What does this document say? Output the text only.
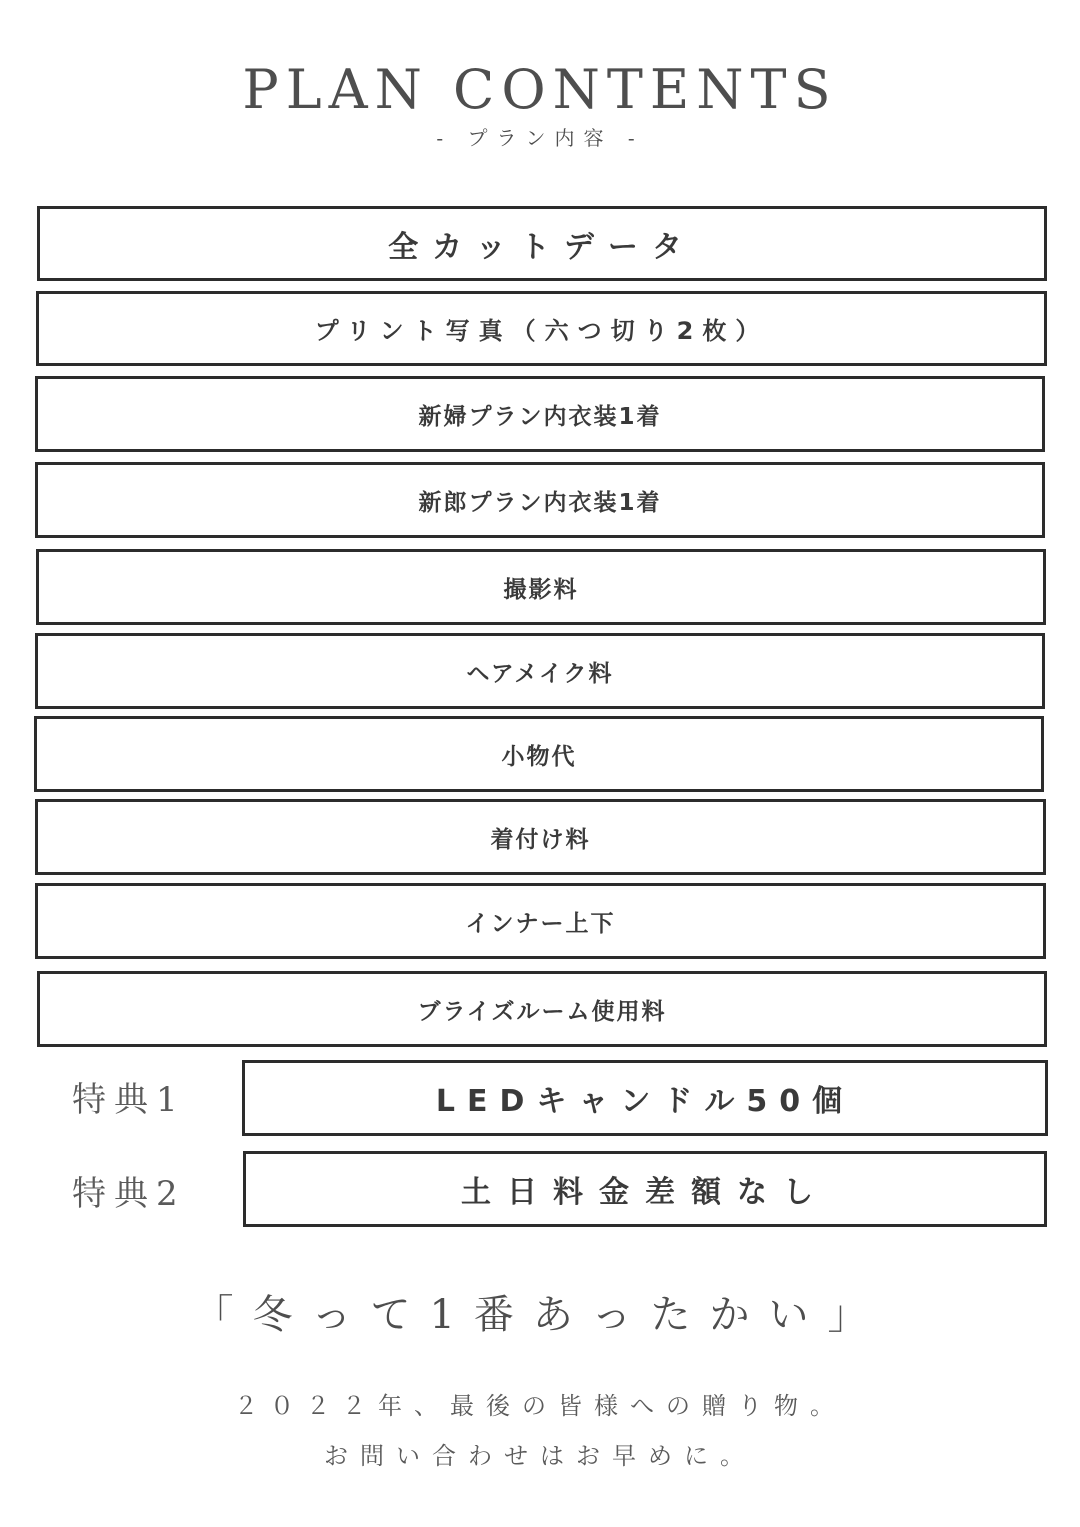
PLAN CONTENTS
- プラン内容 -
全カットデータ
プリント写真（六つ切り2枚）
新婦プラン内衣装1着
新郎プラン内衣装1着
撮影料
ヘアメイク料
小物代
着付け料
インナー上下
ブライズルーム使用料
特典1	LEDキャンドル50個
特典2	土日料金差額なし
「冬って1番あったかい」
２０２２年、最後の皆様への贈り物。
お問い合わせはお早めに。
